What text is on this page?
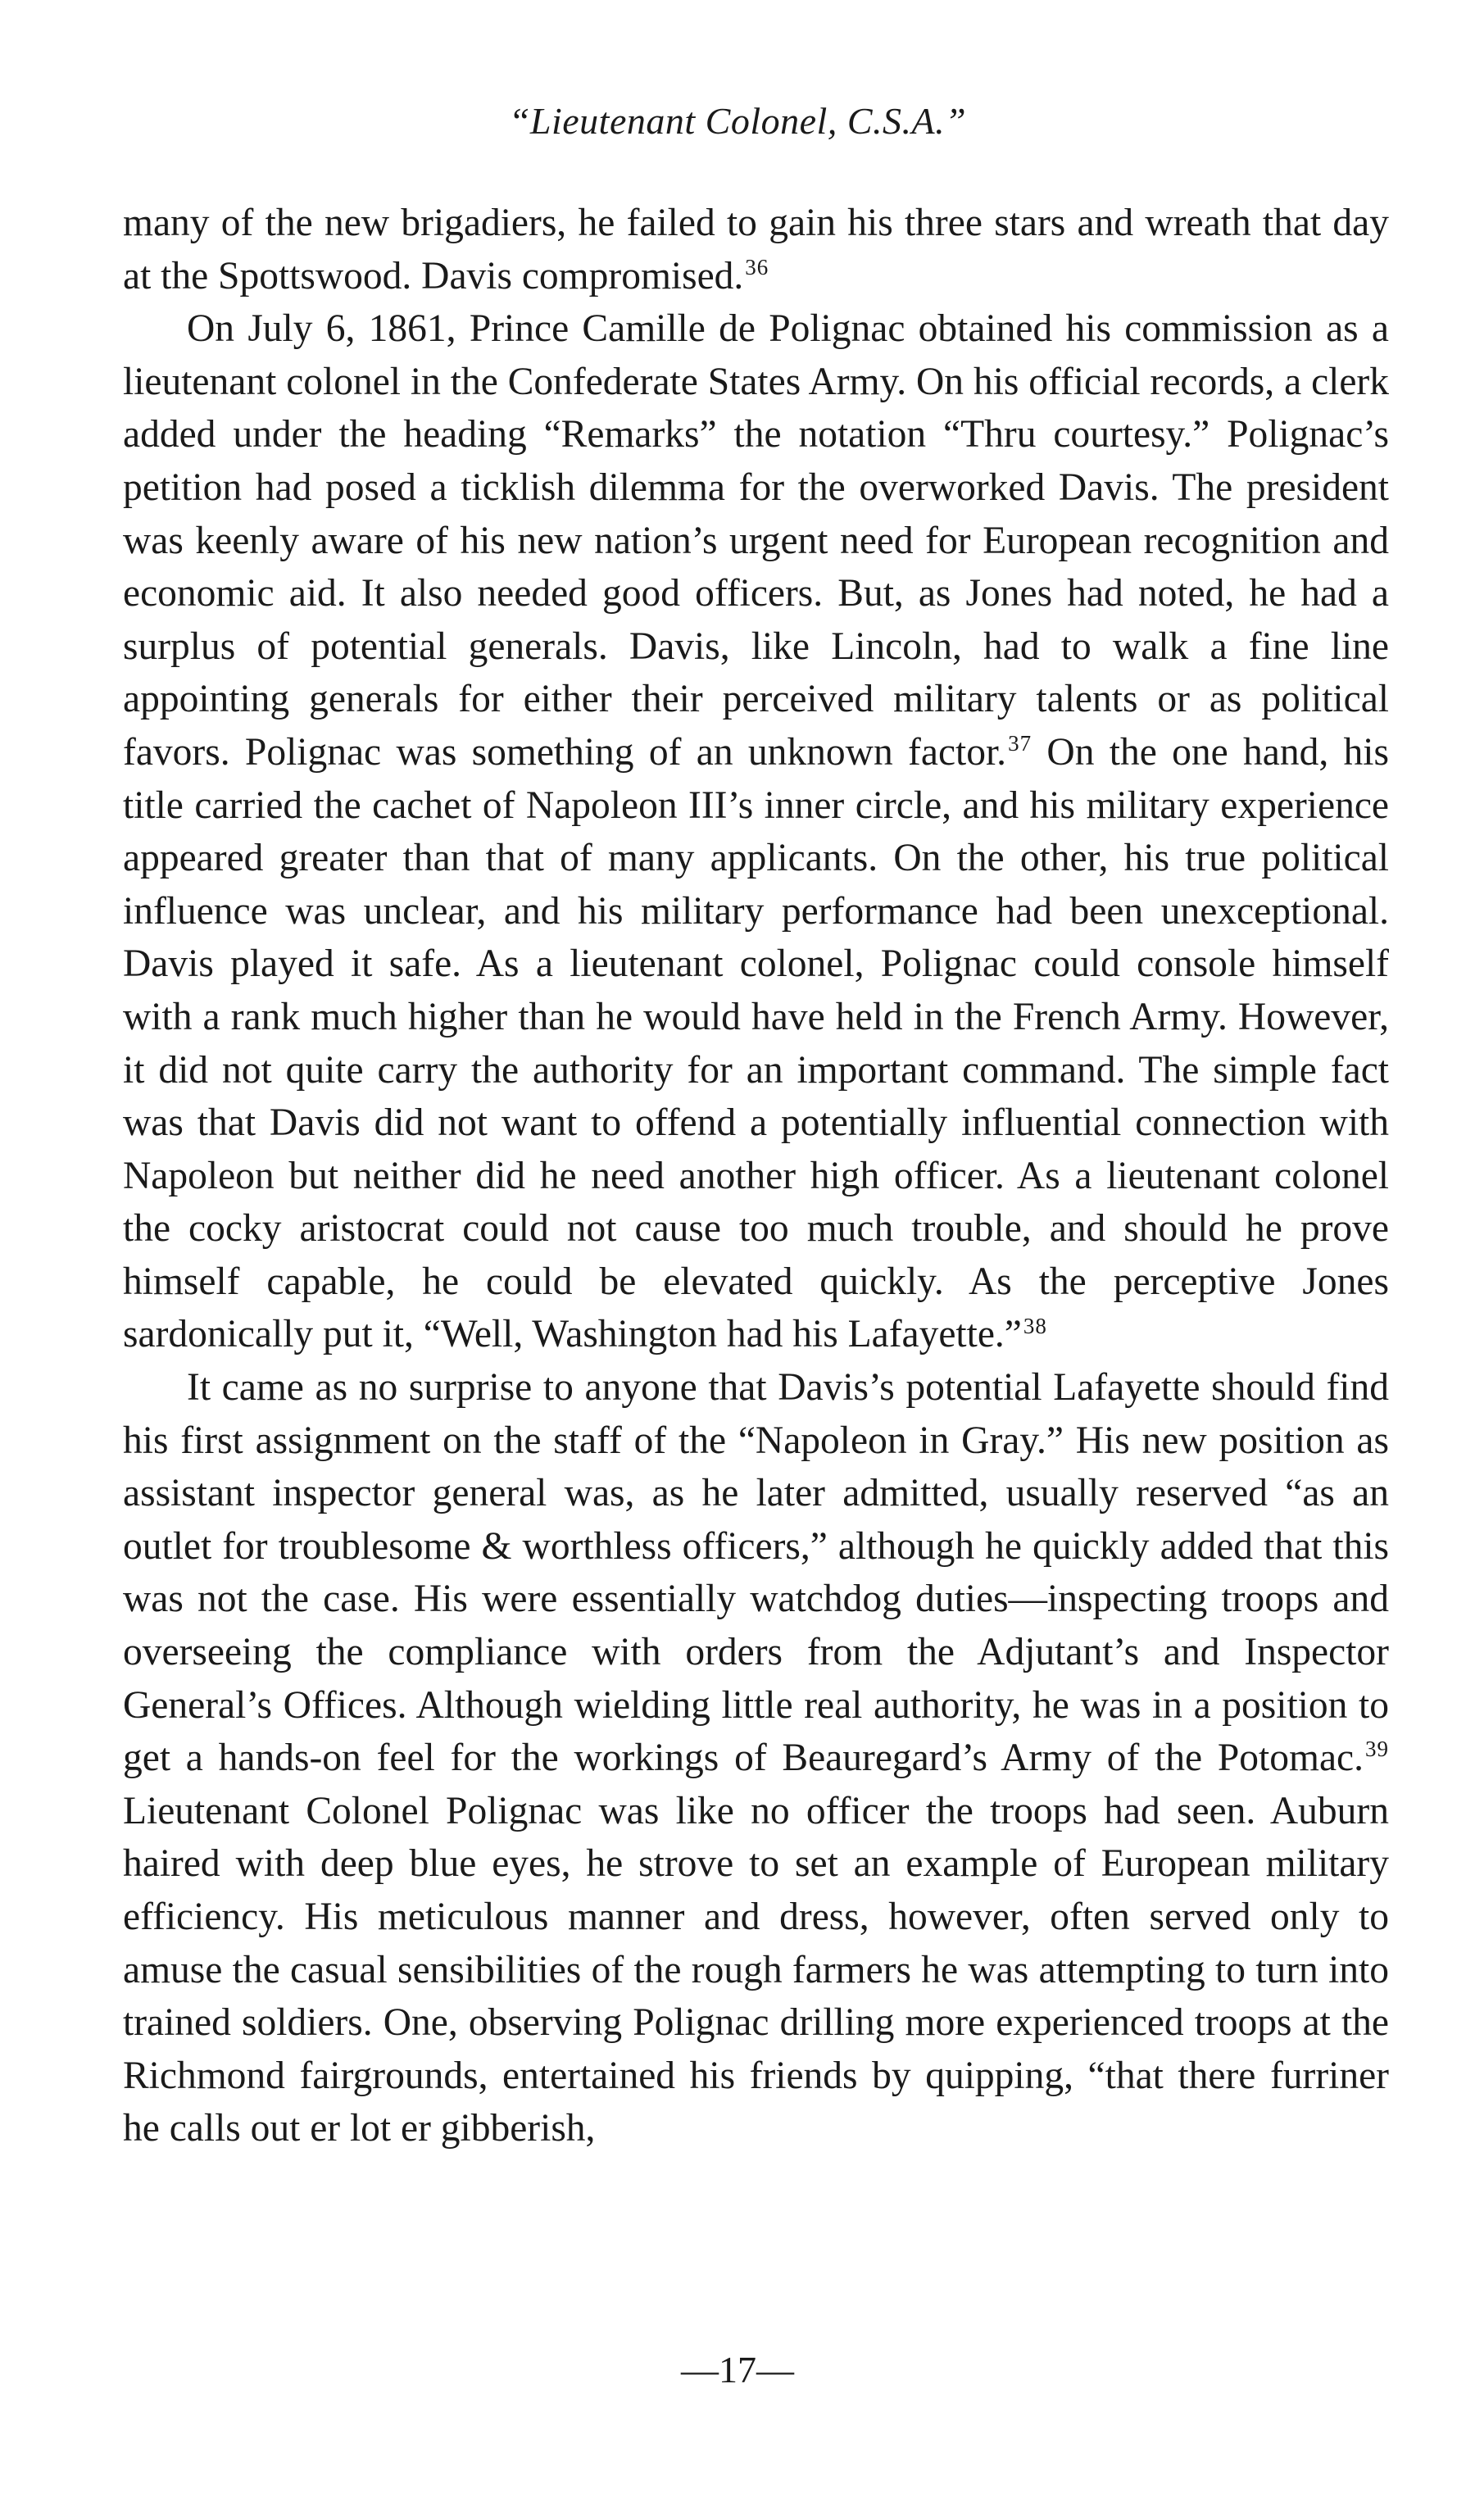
“Lieutenant Colonel, C.S.A.”

many of the new brigadiers, he failed to gain his three stars and wreath that day at the Spottswood. Davis compromised.$^{36}$

On July 6, 1861, Prince Camille de Polignac obtained his commission as a lieutenant colonel in the Confederate States Army. On his official records, a clerk added under the heading “Remarks” the notation “Thru courtesy.” Polignac’s petition had posed a ticklish dilemma for the overworked Davis. The president was keenly aware of his new nation’s urgent need for European recognition and economic aid. It also needed good officers. But, as Jones had noted, he had a surplus of potential generals. Davis, like Lincoln, had to walk a fine line appointing generals for either their perceived military talents or as political favors. Polignac was something of an unknown factor.$^{37}$ On the one hand, his title carried the cachet of Napoleon III’s inner circle, and his military experience appeared greater than that of many applicants. On the other, his true political influence was unclear, and his military performance had been unexceptional. Davis played it safe. As a lieutenant colonel, Polignac could console himself with a rank much higher than he would have held in the French Army. However, it did not quite carry the authority for an important command. The simple fact was that Davis did not want to offend a potentially influential connection with Napoleon but neither did he need another high officer. As a lieutenant colonel the cocky aristocrat could not cause too much trouble, and should he prove himself capable, he could be elevated quickly. As the perceptive Jones sardonically put it, “Well, Washington had his Lafayette.”$^{38}$

It came as no surprise to anyone that Davis’s potential Lafayette should find his first assignment on the staff of the “Napoleon in Gray.” His new position as assistant inspector general was, as he later admitted, usually reserved “as an outlet for troublesome & worthless officers,” although he quickly added that this was not the case. His were essentially watchdog duties—inspecting troops and overseeing the compliance with orders from the Adjutant’s and Inspector General’s Offices. Although wielding little real authority, he was in a position to get a hands-on feel for the workings of Beauregard’s Army of the Potomac.$^{39}$ Lieutenant Colonel Polignac was like no officer the troops had seen. Auburn haired with deep blue eyes, he strove to set an example of European military efficiency. His meticulous manner and dress, however, often served only to amuse the casual sensibilities of the rough farmers he was attempting to turn into trained soldiers. One, observing Polignac drilling more experienced troops at the Richmond fairgrounds, entertained his friends by quipping, “that there furriner he calls out er lot er gibberish,

—17—
